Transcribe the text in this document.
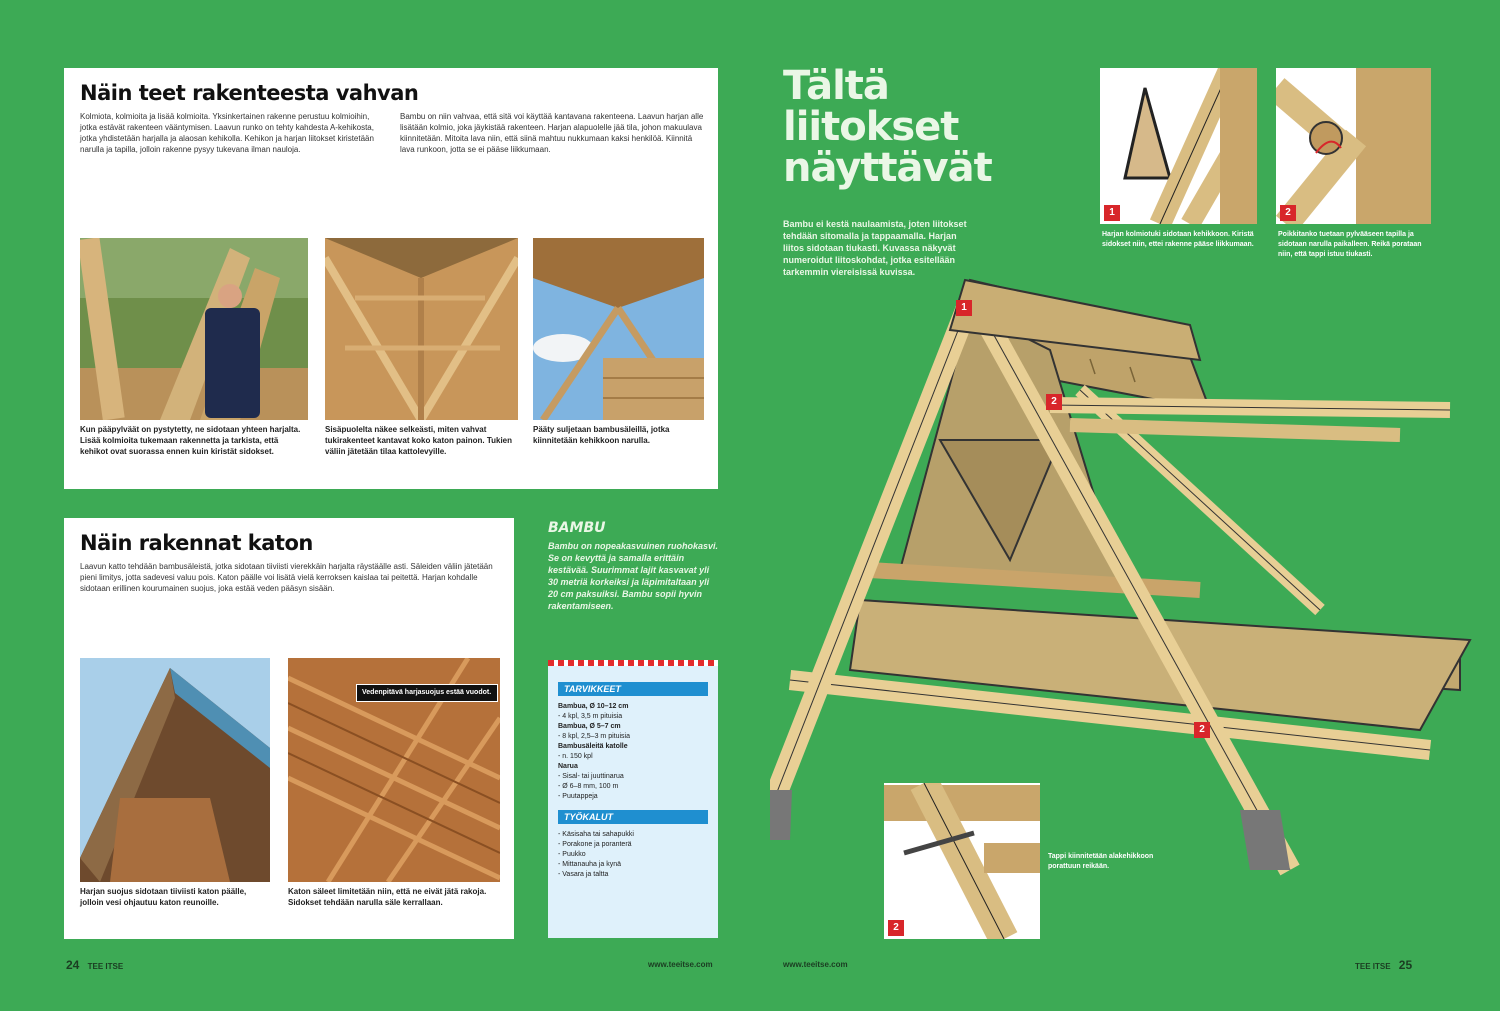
Näin teet rakenteesta vahvan
Kolmiota, kolmioita ja lisää kolmioita. Yksinkertainen rakenne perustuu kolmioihin, jotka estävät rakenteen vääntymisen. Laavun runko on tehty kahdesta A-kehikosta, jotka yhdistetään harjalla ja alaosan kehikolla. Kehikon ja harjan liitokset kiristetään narulla ja tapilla, jolloin rakenne pysyy tukevana ilman nauloja.
Bambu on niin vahvaa, että sitä voi käyttää kantavana rakenteena. Laavun harjan alle lisätään kolmio, joka jäykistää rakenteen. Harjan alapuolelle jää tila, johon makuulava kiinnitetään. Mitoita lava niin, että siinä mahtuu nukkumaan kaksi henkilöä. Kiinnitä lava runkoon, jotta se ei pääse liikkumaan.
Kun pääpylväät on pystytetty, ne sidotaan yhteen harjalta. Lisää kolmioita tukemaan rakennetta ja tarkista, että kehikot ovat suorassa ennen kuin kiristät sidokset.
Sisäpuolelta näkee selkeästi, miten vahvat tukirakenteet kantavat koko katon painon. Tukien väliin jätetään tilaa kattolevyille.
Pääty suljetaan bambusäleillä, jotka kiinnitetään kehikkoon narulla.
Näin rakennat katon
Laavun katto tehdään bambusäleistä, jotka sidotaan tiiviisti vierekkäin harjalta räystäälle asti. Säleiden väliin jätetään pieni limitys, jotta sadevesi valuu pois. Katon päälle voi lisätä vielä kerroksen kaislaa tai peitettä. Harjan kohdalle sidotaan erillinen kourumainen suojus, joka estää veden pääsyn sisään.
Harjan suojus sidotaan tiiviisti katon päälle, jolloin vesi ohjautuu katon reunoille.
Vedenpitävä harjasuojus estää vuodot.
Katon säleet limitetään niin, että ne eivät jätä rakoja. Sidokset tehdään narulla säle kerrallaan.
BAMBU
Bambu on nopeakasvuinen ruohokasvi. Se on kevyttä ja samalla erittäin kestävää. Suurimmat lajit kasvavat yli 30 metriä korkeiksi ja läpimitaltaan yli 20 cm paksuiksi. Bambu sopii hyvin rakentamiseen.
TARVIKKEET
Bambua, Ø 10–12 cm
- 4 kpl, 3,5 m pituisia
Bambua, Ø 5–7 cm
- 8 kpl, 2,5–3 m pituisia
Bambusäleitä katolle
- n. 150 kpl
Narua
- Sisal- tai juuttinarua
- Ø 6–8 mm, 100 m
- Puutappeja
TYÖKALUT
- Käsisaha tai sahapukki
- Porakone ja poranterä
- Puukko
- Mittanauha ja kynä
- Vasara ja taltta
24 TEE ITSE	www.teeitse.com
Tältä liitokset näyttävät
Bambu ei kestä naulaamista, joten liitokset tehdään sitomalla ja tappaamalla. Harjan liitos sidotaan tiukasti. Kuvassa näkyvät numeroidut liitoskohdat, jotka esitellään tarkemmin viereisissä kuvissa.
1
Harjan kolmiotuki sidotaan kehikkoon. Kiristä sidokset niin, ettei rakenne pääse liikkumaan.
2
Poikkitanko tuetaan pylvääseen tapilla ja sidotaan narulla paikalleen. Reikä porataan niin, että tappi istuu tiukasti.
2
Tappi kiinnitetään alakehikkoon porattuun reikään.
1
2
2
www.teeitse.com	TEE ITSE 25
